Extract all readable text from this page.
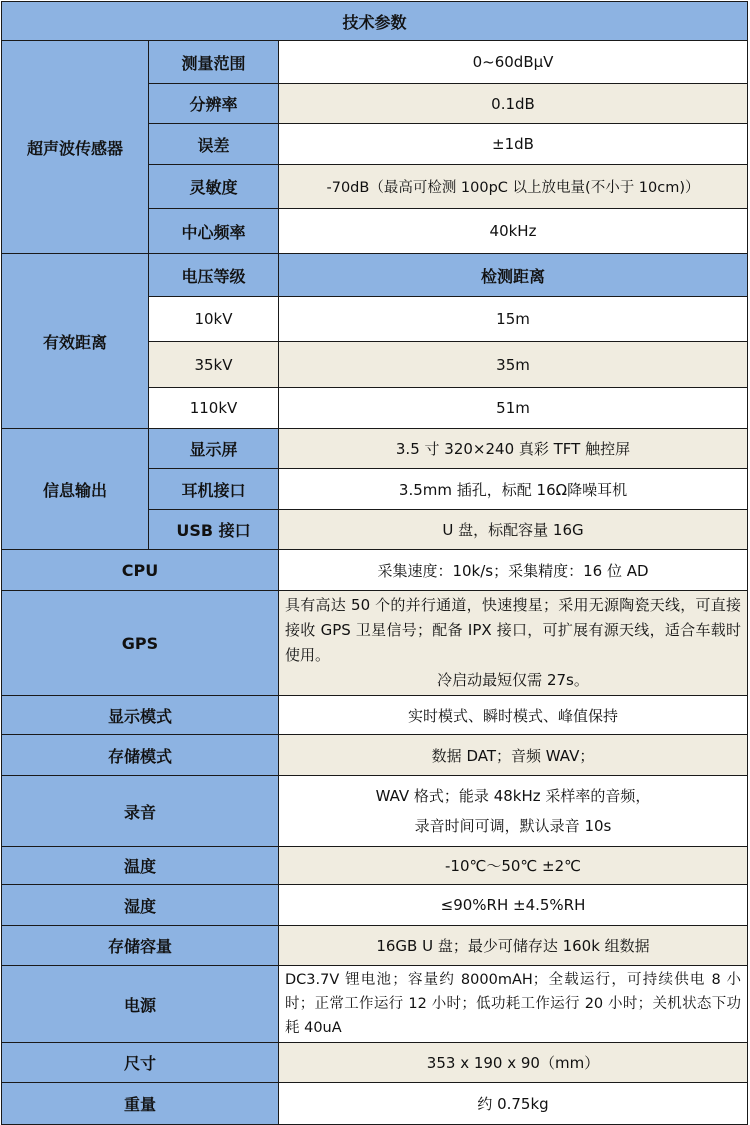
技术参数		
超声波传感器	测量范围	0~60dBμV
	分辨率	0.1dB
	误差	±1dB
	灵敏度	-70dB（最高可检测 100pC 以上放电量(不小于 10cm)）
	中心频率	40kHz
有效距离	电压等级	检测距离
	10kV	15m
	35kV	35m
	110kV	51m
信息输出	显示屏	3.5 寸 320×240 真彩 TFT 触控屏
	耳机接口	3.5mm 插孔，标配 16Ω降噪耳机
	USB 接口	U 盘，标配容量 16G
CPU		采集速度：10k/s；采集精度：16 位 AD
GPS		具有高达 50 个的并行通道，快速搜星；采用无源陶瓷天线，可直接接收 GPS 卫星信号；配备 IPX 接口，可扩展有源天线，适合车载时使用。
冷启动最短仅需 27s。

显示模式		实时模式、瞬时模式、峰值保持
存储模式		数据 DAT；音频 WAV；
录音		WAV 格式；能录 48kHz 采样率的音频，
录音时间可调，默认录音 10s

温度		-10℃～50℃ ±2℃
湿度		≤90%RH ±4.5%RH
存储容量		16GB U 盘；最少可储存达 160k 组数据
电源		DC3.7V 锂电池；容量约 8000mAH；全载运行，可持续供电 8 小时；正常工作运行 12 小时；低功耗工作运行 20 小时；关机状态下功耗 40uA

尺寸		353 x 190 x 90（mm）
重量		约 0.75kg
